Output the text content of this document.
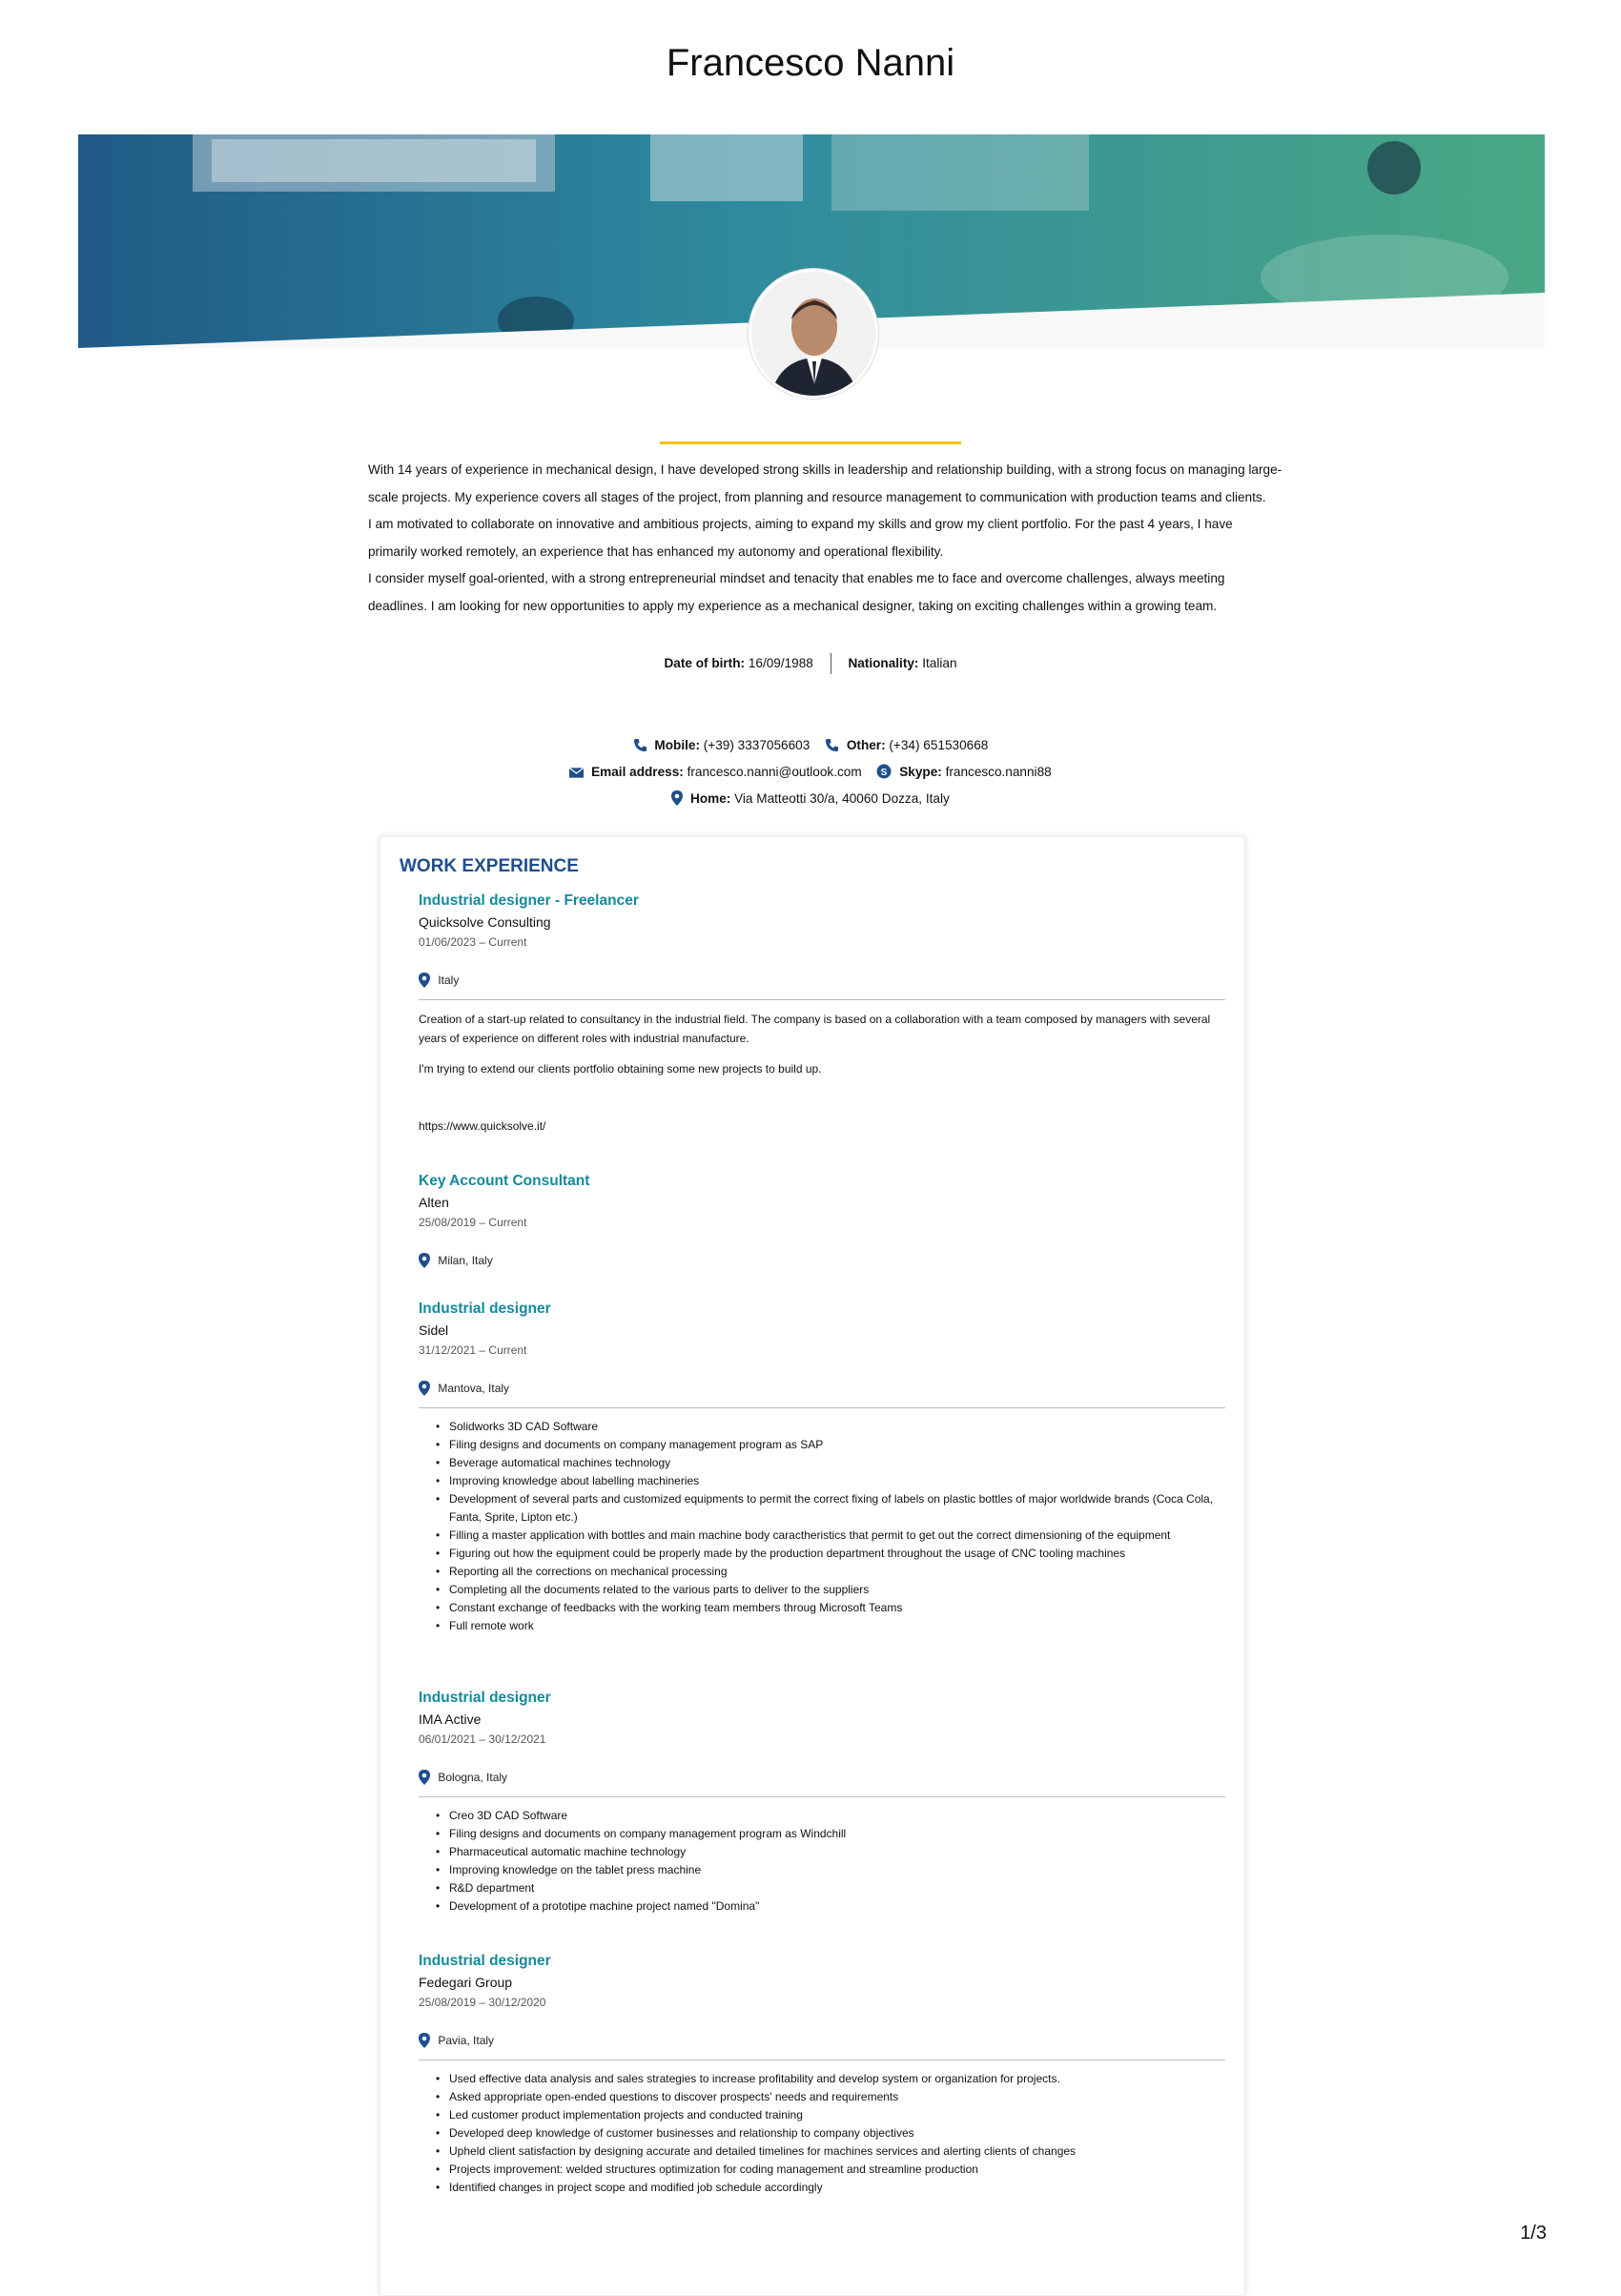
Francesco Nanni

With 14 years of experience in mechanical design, I have developed strong skills in leadership and relationship building, with a strong focus on managing large-scale projects. My experience covers all stages of the project, from planning and resource management to communication with production teams and clients.

I am motivated to collaborate on innovative and ambitious projects, aiming to expand my skills and grow my client portfolio. For the past 4 years, I have primarily worked remotely, an experience that has enhanced my autonomy and operational flexibility.

I consider myself goal-oriented, with a strong entrepreneurial mindset and tenacity that enables me to face and overcome challenges, always meeting deadlines. I am looking for new opportunities to apply my experience as a mechanical designer, taking on exciting challenges within a growing team.

Date of birth: 16/09/1988	Nationality: Italian
Mobile: (+39) 3337056603	Other: (+34) 651530668
Email address: francesco.nanni@outlook.com S Skype: francesco.nanni88
Home: Via Matteotti 30/a, 40060 Dozza, Italy
WORK EXPERIENCE
Industrial designer - Freelancer
Quicksolve Consulting
01/06/2023 – Current
Italy

Creation of a start-up related to consultancy in the industrial field. The company is based on a collaboration with a team composed by managers with several years of experience on different roles with industrial manufacture.

I'm trying to extend our clients portfolio obtaining some new projects to build up.

https://www.quicksolve.it/

Key Account Consultant
Alten
25/08/2019 – Current
Milan, Italy
Industrial designer
Sidel
31/12/2021 – Current
Mantova, Italy
• Solidworks 3D CAD Software
• Filing designs and documents on company management program as SAP
• Beverage automatical machines technology
• Improving knowledge about labelling machineries
• Development of several parts and customized equipments to permit the correct fixing of labels on plastic bottles of major worldwide brands (Coca Cola, Fanta, Sprite, Lipton etc.)
• Filling a master application with bottles and main machine body caractheristics that permit to get out the correct dimensioning of the equipment
• Figuring out how the equipment could be properly made by the production department throughout the usage of CNC tooling machines
• Reporting all the corrections on mechanical processing
• Completing all the documents related to the various parts to deliver to the suppliers
• Constant exchange of feedbacks with the working team members throug Microsoft Teams
• Full remote work
Industrial designer
IMA Active
06/01/2021 – 30/12/2021
Bologna, Italy
• Creo 3D CAD Software
• Filing designs and documents on company management program as Windchill
• Pharmaceutical automatic machine technology
• Improving knowledge on the tablet press machine
• R&D department
• Development of a prototipe machine project named "Domina"
Industrial designer
Fedegari Group
25/08/2019 – 30/12/2020
Pavia, Italy
• Used effective data analysis and sales strategies to increase profitability and develop system or organization for projects.
• Asked appropriate open-ended questions to discover prospects' needs and requirements
• Led customer product implementation projects and conducted training
• Developed deep knowledge of customer businesses and relationship to company objectives
• Upheld client satisfaction by designing accurate and detailed timelines for machines services and alerting clients of changes
• Projects improvement: welded structures optimization for coding management and streamline production
• Identified changes in project scope and modified job schedule accordingly
1/3
